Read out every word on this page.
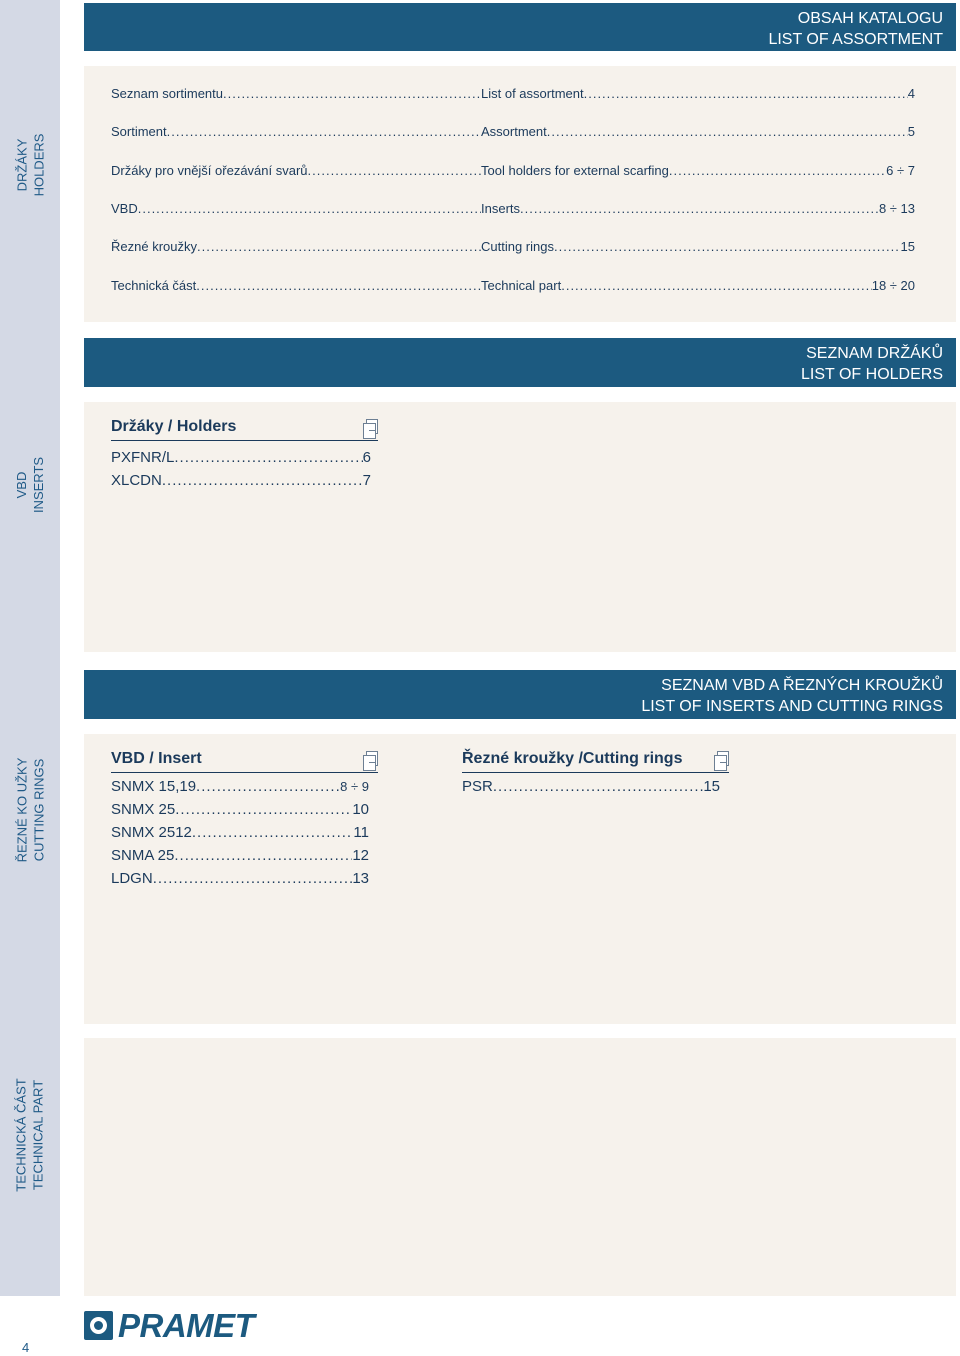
DRŽÁKY HOLDERS
VBD INSERTS
ŘEZNÉ KO UŽKY CUTTING RINGS
TECHNICKÁ ČÁST TECHNICAL PART
4
OBSAH KATALOGU
LIST OF ASSORTMENT
Seznam sortimentu .....	List of assortment .....	4
Sortiment .....	Assortment .....	5
Držáky pro vnější ořezávání svarů .....	Tool holders for external scarfing .....	6 ÷ 7
VBD .....	Inserts .....	8 ÷ 13
Řezné kroužky .....	Cutting rings .....	15
Technická část .....	Technical part .....	18 ÷ 20
SEZNAM DRŽÁKŮ
LIST OF HOLDERS
Držáky / Holders
PXFNR/L .....	6
XLCDN .....	7
SEZNAM VBD A ŘEZNÝCH KROUŽKŮ
LIST OF INSERTS AND CUTTING RINGS
VBD / Insert
SNMX 15,19 .....	8 ÷ 9
SNMX 25 .....	10
SNMX 2512 .....	11
SNMA 25 .....	12
LDGN .....	13
Řezné kroužky /Cutting rings
PSR .....	15
PRAMET
